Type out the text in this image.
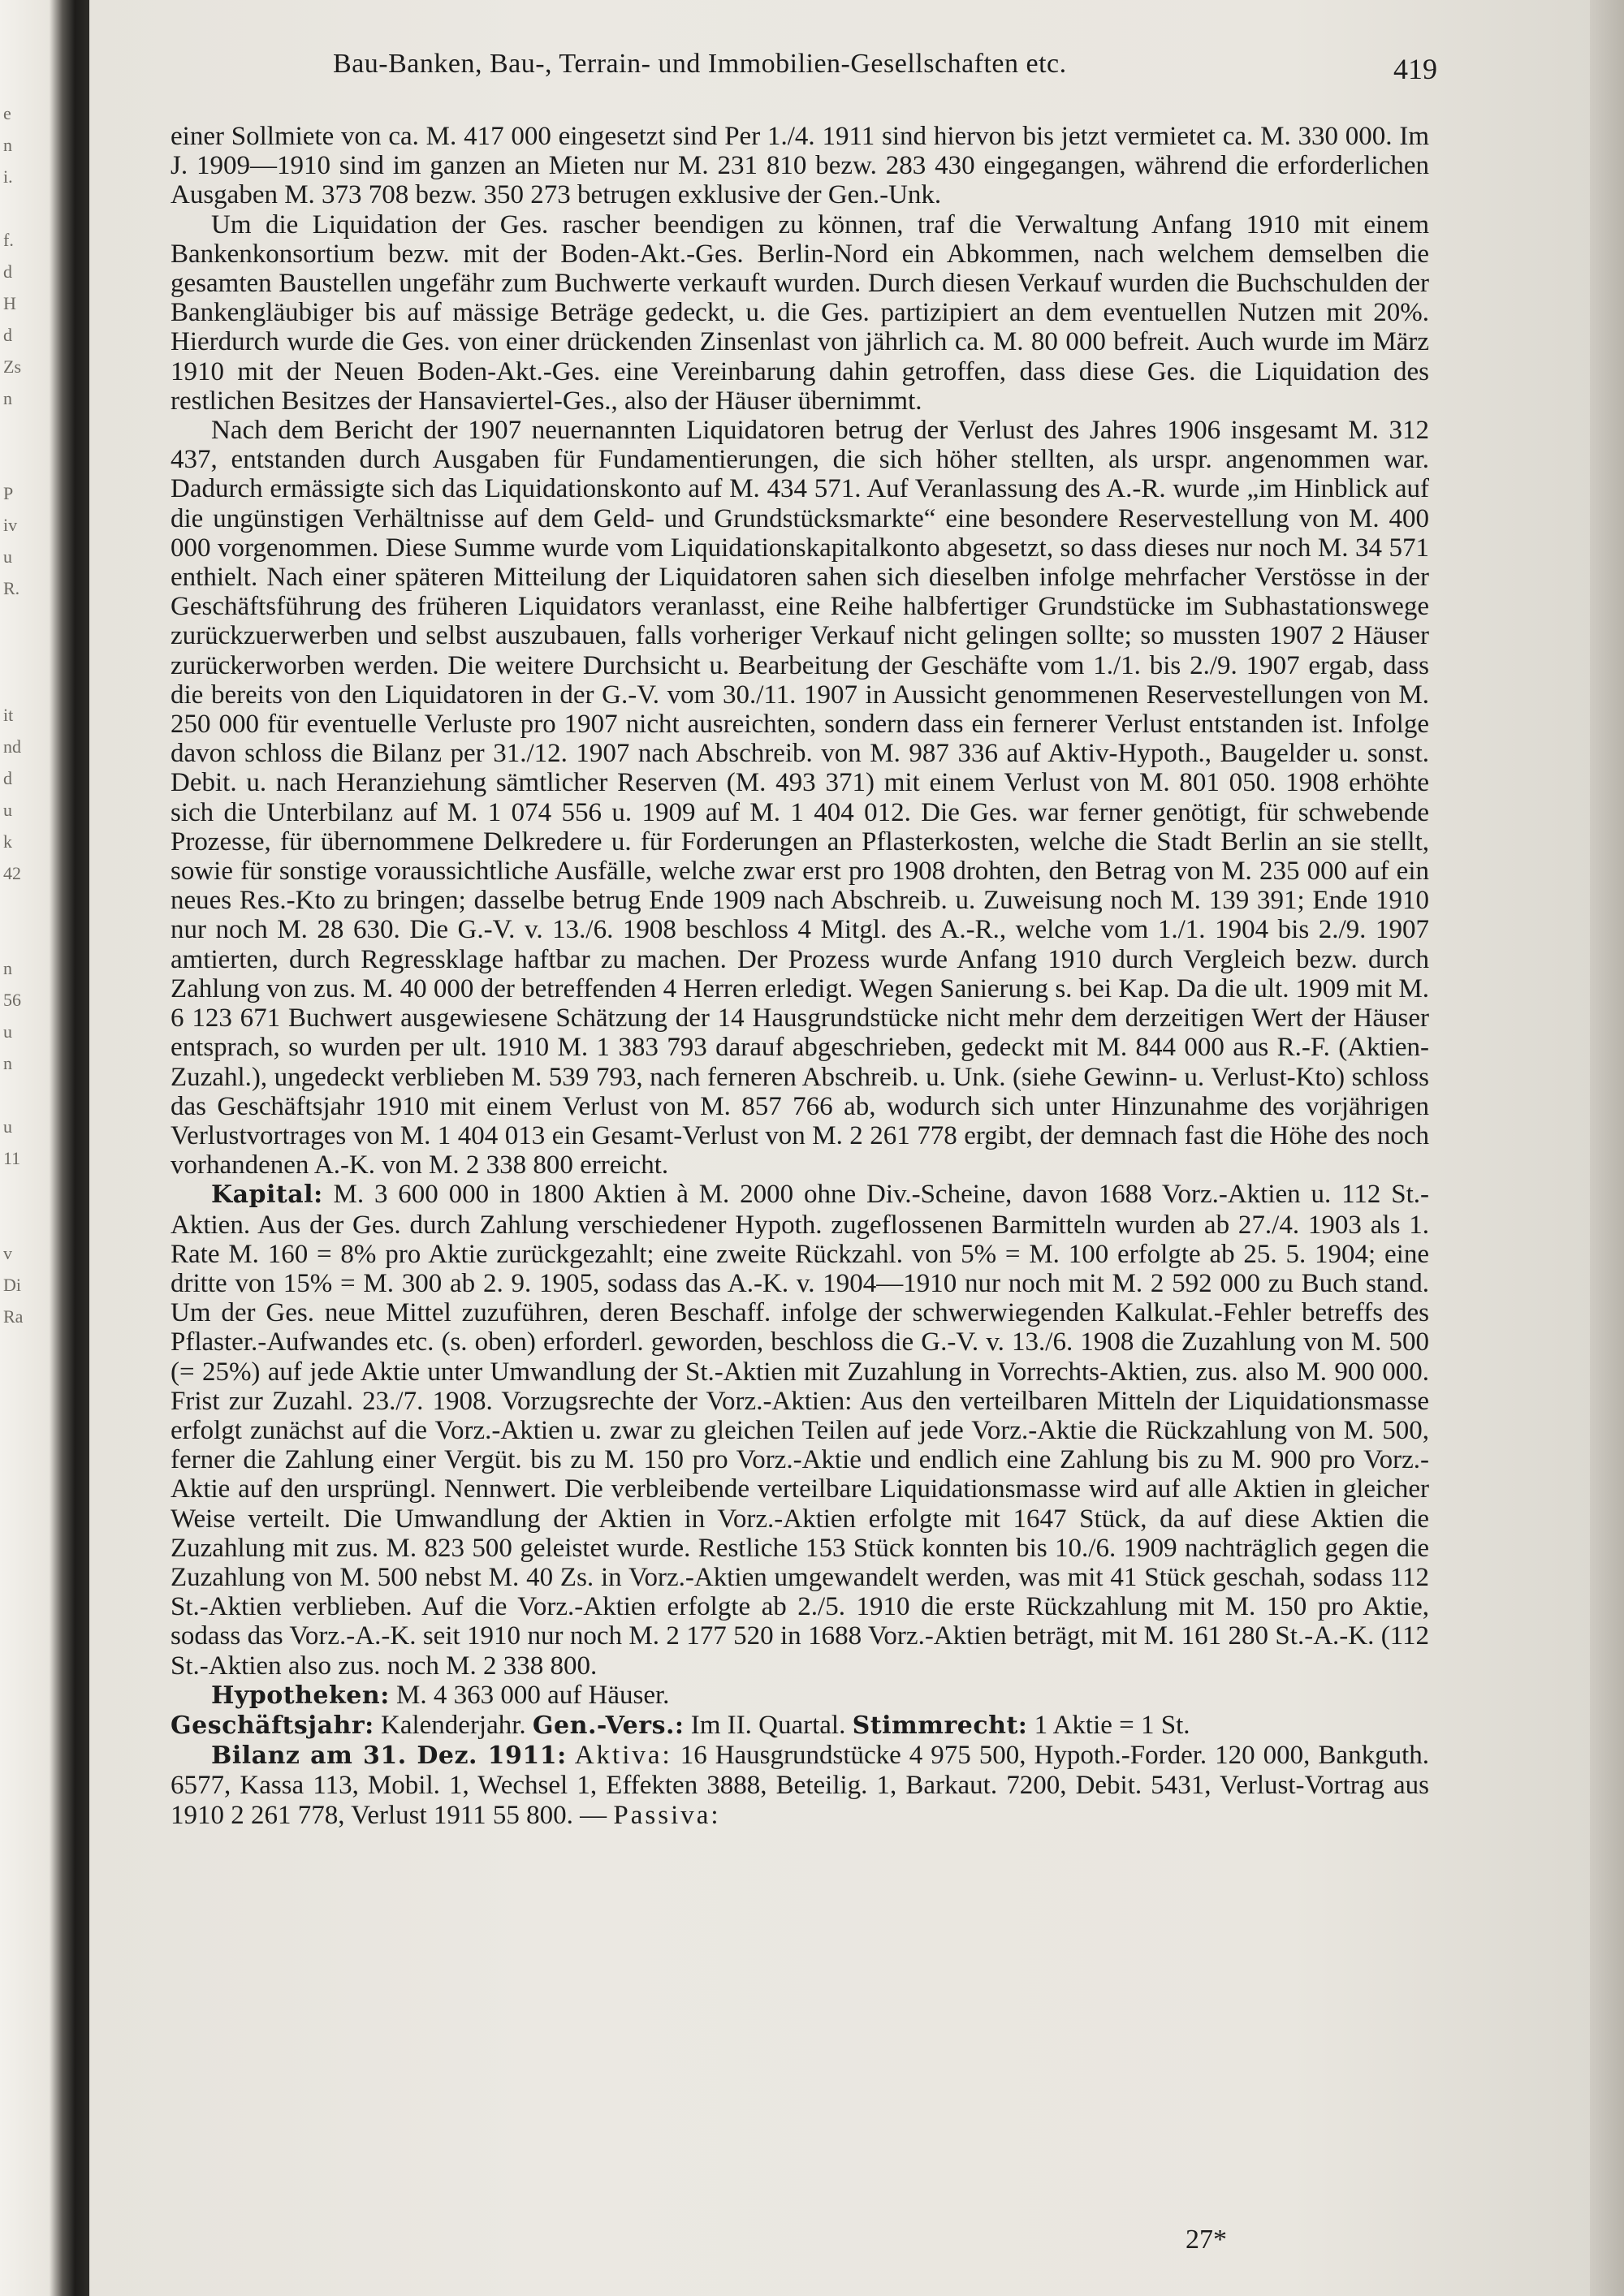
e
n
i.

f.
d
H
d
Zs
n

P
iv
u
R.

it
nd
d
u
k
42

n
56
u
n

u
11

v
Di
Ra
Bau-Banken, Bau-, Terrain- und Immobilien-Gesellschaften etc.	419

einer Sollmiete von ca. M. 417 000 eingesetzt sind Per 1./4. 1911 sind hiervon bis jetzt vermietet ca. M. 330 000. Im J. 1909—1910 sind im ganzen an Mieten nur M. 231 810 bezw. 283 430 eingegangen, während die erforderlichen Ausgaben M. 373 708 bezw. 350 273 betrugen exklusive der Gen.-Unk.

Um die Liquidation der Ges. rascher beendigen zu können, traf die Verwaltung Anfang 1910 mit einem Bankenkonsortium bezw. mit der Boden-Akt.-Ges. Berlin-Nord ein Abkommen, nach welchem demselben die gesamten Baustellen ungefähr zum Buchwerte verkauft wurden. Durch diesen Verkauf wurden die Buchschulden der Bankengläubiger bis auf mässige Beträge gedeckt, u. die Ges. partizipiert an dem eventuellen Nutzen mit 20%. Hierdurch wurde die Ges. von einer drückenden Zinsenlast von jährlich ca. M. 80 000 befreit. Auch wurde im März 1910 mit der Neuen Boden-Akt.-Ges. eine Vereinbarung dahin getroffen, dass diese Ges. die Liquidation des restlichen Besitzes der Hansaviertel-Ges., also der Häuser übernimmt.

Nach dem Bericht der 1907 neuernannten Liquidatoren betrug der Verlust des Jahres 1906 insgesamt M. 312 437, entstanden durch Ausgaben für Fundamentierungen, die sich höher stellten, als urspr. angenommen war. Dadurch ermässigte sich das Liquidationskonto auf M. 434 571. Auf Veranlassung des A.-R. wurde „im Hinblick auf die ungünstigen Verhältnisse auf dem Geld- und Grundstücksmarkte“ eine besondere Reservestellung von M. 400 000 vorgenommen. Diese Summe wurde vom Liquidationskapitalkonto abgesetzt, so dass dieses nur noch M. 34 571 enthielt. Nach einer späteren Mitteilung der Liquidatoren sahen sich dieselben infolge mehrfacher Verstösse in der Geschäftsführung des früheren Liquidators veranlasst, eine Reihe halbfertiger Grundstücke im Subhastationswege zurückzuerwerben und selbst auszubauen, falls vorheriger Verkauf nicht gelingen sollte; so mussten 1907 2 Häuser zurückerworben werden. Die weitere Durchsicht u. Bearbeitung der Geschäfte vom 1./1. bis 2./9. 1907 ergab, dass die bereits von den Liquidatoren in der G.-V. vom 30./11. 1907 in Aussicht genommenen Reservestellungen von M. 250 000 für eventuelle Verluste pro 1907 nicht ausreichten, sondern dass ein fernerer Verlust entstanden ist. Infolge davon schloss die Bilanz per 31./12. 1907 nach Abschreib. von M. 987 336 auf Aktiv-Hypoth., Baugelder u. sonst. Debit. u. nach Heranziehung sämtlicher Reserven (M. 493 371) mit einem Verlust von M. 801 050. 1908 erhöhte sich die Unterbilanz auf M. 1 074 556 u. 1909 auf M. 1 404 012. Die Ges. war ferner genötigt, für schwebende Prozesse, für übernommene Delkredere u. für Forderungen an Pflasterkosten, welche die Stadt Berlin an sie stellt, sowie für sonstige voraussichtliche Ausfälle, welche zwar erst pro 1908 drohten, den Betrag von M. 235 000 auf ein neues Res.-Kto zu bringen; dasselbe betrug Ende 1909 nach Abschreib. u. Zuweisung noch M. 139 391; Ende 1910 nur noch M. 28 630. Die G.-V. v. 13./6. 1908 beschloss 4 Mitgl. des A.-R., welche vom 1./1. 1904 bis 2./9. 1907 amtierten, durch Regressklage haftbar zu machen. Der Prozess wurde Anfang 1910 durch Vergleich bezw. durch Zahlung von zus. M. 40 000 der betreffenden 4 Herren erledigt. Wegen Sanierung s. bei Kap. Da die ult. 1909 mit M. 6 123 671 Buchwert ausgewiesene Schätzung der 14 Hausgrundstücke nicht mehr dem derzeitigen Wert der Häuser entsprach, so wurden per ult. 1910 M. 1 383 793 darauf abgeschrieben, gedeckt mit M. 844 000 aus R.-F. (Aktien-Zuzahl.), ungedeckt verblieben M. 539 793, nach ferneren Abschreib. u. Unk. (siehe Gewinn- u. Verlust-Kto) schloss das Geschäftsjahr 1910 mit einem Verlust von M. 857 766 ab, wodurch sich unter Hinzunahme des vorjährigen Verlustvortrages von M. 1 404 013 ein Gesamt-Verlust von M. 2 261 778 ergibt, der demnach fast die Höhe des noch vorhandenen A.-K. von M. 2 338 800 erreicht.

Kapital: M. 3 600 000 in 1800 Aktien à M. 2000 ohne Div.-Scheine, davon 1688 Vorz.-Aktien u. 112 St.-Aktien. Aus der Ges. durch Zahlung verschiedener Hypoth. zugeflossenen Barmitteln wurden ab 27./4. 1903 als 1. Rate M. 160 = 8% pro Aktie zurückgezahlt; eine zweite Rückzahl. von 5% = M. 100 erfolgte ab 25. 5. 1904; eine dritte von 15% = M. 300 ab 2. 9. 1905, sodass das A.-K. v. 1904—1910 nur noch mit M. 2 592 000 zu Buch stand. Um der Ges. neue Mittel zuzuführen, deren Beschaff. infolge der schwerwiegenden Kalkulat.-Fehler betreffs des Pflaster.-Aufwandes etc. (s. oben) erforderl. geworden, beschloss die G.-V. v. 13./6. 1908 die Zuzahlung von M. 500 (= 25%) auf jede Aktie unter Umwandlung der St.-Aktien mit Zuzahlung in Vorrechts-Aktien, zus. also M. 900 000. Frist zur Zuzahl. 23./7. 1908. Vorzugsrechte der Vorz.-Aktien: Aus den verteilbaren Mitteln der Liquidationsmasse erfolgt zunächst auf die Vorz.-Aktien u. zwar zu gleichen Teilen auf jede Vorz.-Aktie die Rückzahlung von M. 500, ferner die Zahlung einer Vergüt. bis zu M. 150 pro Vorz.-Aktie und endlich eine Zahlung bis zu M. 900 pro Vorz.-Aktie auf den ursprüngl. Nennwert. Die verbleibende verteilbare Liquidationsmasse wird auf alle Aktien in gleicher Weise verteilt. Die Umwandlung der Aktien in Vorz.-Aktien erfolgte mit 1647 Stück, da auf diese Aktien die Zuzahlung mit zus. M. 823 500 geleistet wurde. Restliche 153 Stück konnten bis 10./6. 1909 nachträglich gegen die Zuzahlung von M. 500 nebst M. 40 Zs. in Vorz.-Aktien umgewandelt werden, was mit 41 Stück geschah, sodass 112 St.-Aktien verblieben. Auf die Vorz.-Aktien erfolgte ab 2./5. 1910 die erste Rückzahlung mit M. 150 pro Aktie, sodass das Vorz.-A.-K. seit 1910 nur noch M. 2 177 520 in 1688 Vorz.-Aktien beträgt, mit M. 161 280 St.-A.-K. (112 St.-Aktien also zus. noch M. 2 338 800.

Hypotheken: M. 4 363 000 auf Häuser.

Geschäftsjahr: Kalenderjahr. Gen.-Vers.: Im II. Quartal. Stimmrecht: 1 Aktie = 1 St.

Bilanz am 31. Dez. 1911: Aktiva: 16 Hausgrundstücke 4 975 500, Hypoth.-Forder. 120 000, Bankguth. 6577, Kassa 113, Mobil. 1, Wechsel 1, Effekten 3888, Beteilig. 1, Barkaut. 7200, Debit. 5431, Verlust-Vortrag aus 1910 2 261 778, Verlust 1911 55 800. — Passiva:

27*
